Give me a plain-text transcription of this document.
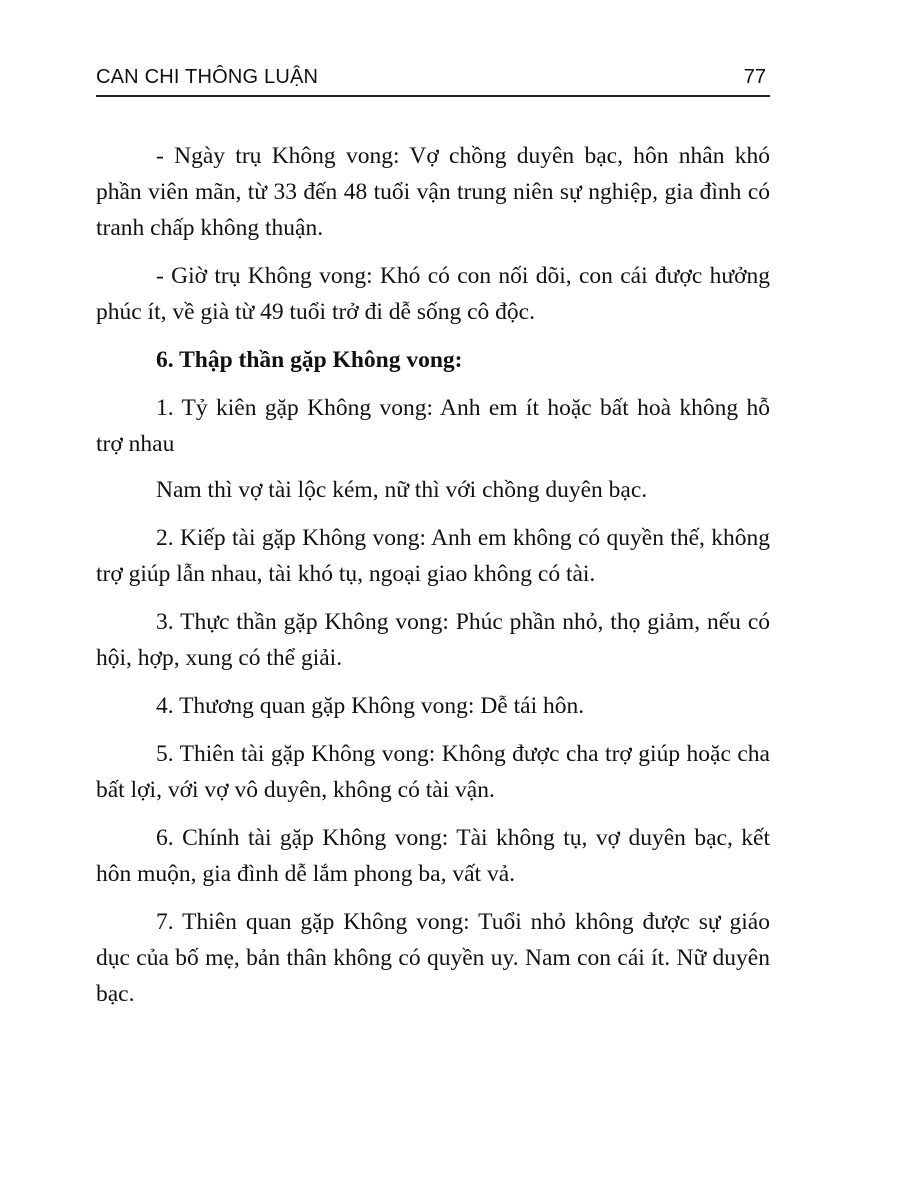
CAN CHI THÔNG LUẬN	77

- Ngày trụ Không vong: Vợ chồng duyên bạc, hôn nhân khó phần viên mãn, từ 33 đến 48 tuổi vận trung niên sự nghiệp, gia đình có tranh chấp không thuận.

- Giờ trụ Không vong: Khó có con nối dõi, con cái được hưởng phúc ít, về già từ 49 tuổi trở đi dễ sống cô độc.

6. Thập thần gặp Không vong:

1. Tỷ kiên gặp Không vong: Anh em ít hoặc bất hoà không hỗ trợ nhau

Nam thì vợ tài lộc kém, nữ thì với chồng duyên bạc.

2. Kiếp tài gặp Không vong: Anh em không có quyền thế, không trợ giúp lẫn nhau, tài khó tụ, ngoại giao không có tài.

3. Thực thần gặp Không vong: Phúc phần nhỏ, thọ giảm, nếu có hội, hợp, xung có thể giải.

4. Thương quan gặp Không vong: Dễ tái hôn.

5. Thiên tài gặp Không vong: Không được cha trợ giúp hoặc cha bất lợi, với vợ vô duyên, không có tài vận.

6. Chính tài gặp Không vong: Tài không tụ, vợ duyên bạc, kết hôn muộn, gia đình dễ lắm phong ba, vất vả.

7. Thiên quan gặp Không vong: Tuổi nhỏ không được sự giáo dục của bố mẹ, bản thân không có quyền uy. Nam con cái ít. Nữ duyên bạc.
